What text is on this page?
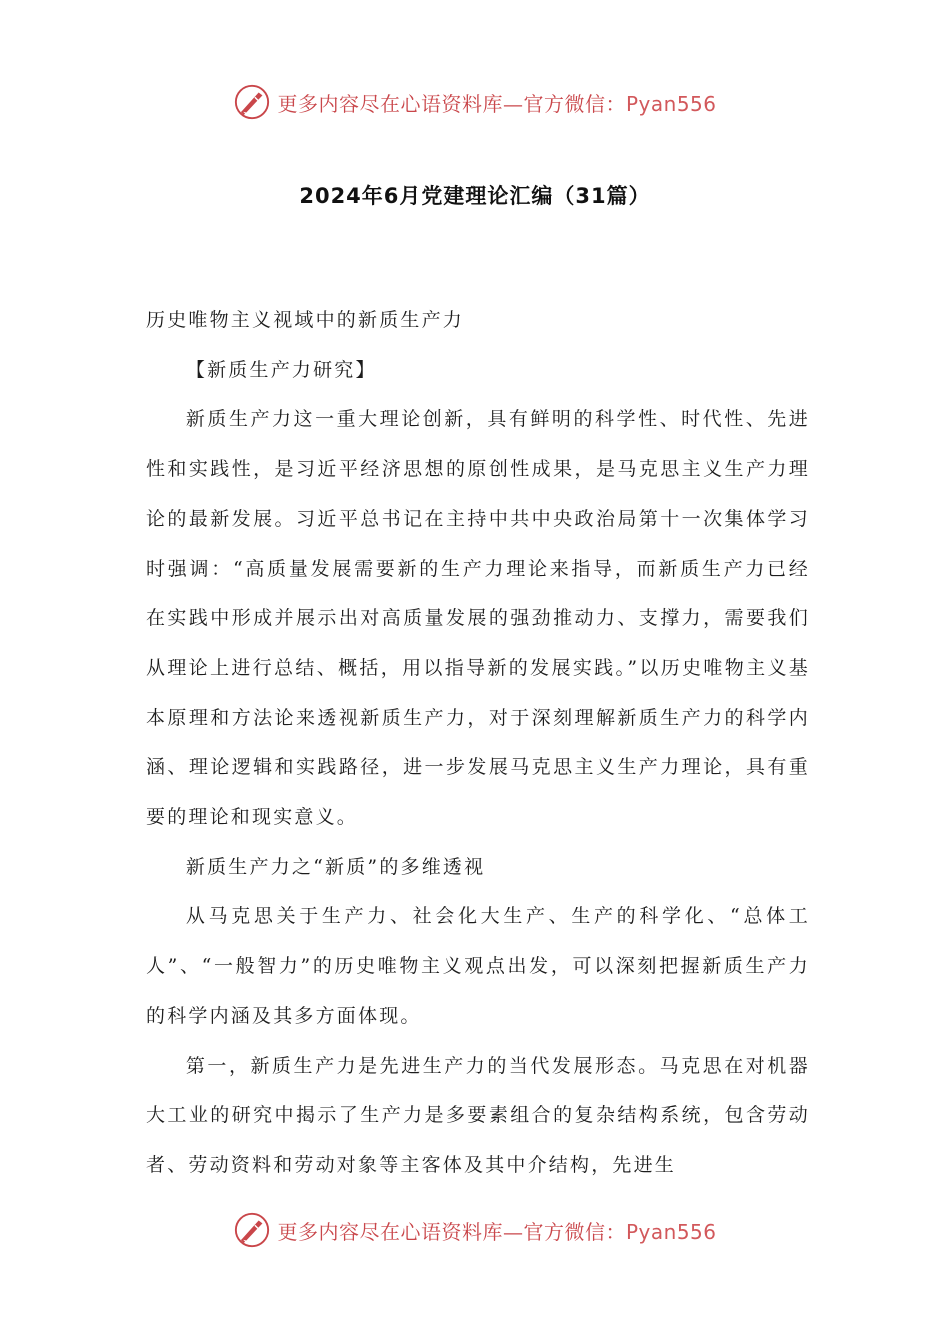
更多内容尽在心语资料库—官方微信：Pyan556
2024年6月党建理论汇编（31篇）

历史唯物主义视域中的新质生产力

【新质生产力研究】

新质生产力这一重大理论创新，具有鲜明的科学性、时代性、先进性和实践性，是习近平经济思想的原创性成果，是马克思主义生产力理论的最新发展。习近平总书记在主持中共中央政治局第十一次集体学习时强调：“高质量发展需要新的生产力理论来指导，而新质生产力已经在实践中形成并展示出对高质量发展的强劲推动力、支撑力，需要我们从理论上进行总结、概括，用以指导新的发展实践。”以历史唯物主义基本原理和方法论来透视新质生产力，对于深刻理解新质生产力的科学内涵、理论逻辑和实践路径，进一步发展马克思主义生产力理论，具有重要的理论和现实意义。

新质生产力之“新质”的多维透视

从马克思关于生产力、社会化大生产、生产的科学化、“总体工人”、“一般智力”的历史唯物主义观点出发，可以深刻把握新质生产力的科学内涵及其多方面体现。

第一，新质生产力是先进生产力的当代发展形态。马克思在对机器大工业的研究中揭示了生产力是多要素组合的复杂结构系统，包含劳动者、劳动资料和劳动对象等主客体及其中介结构，先进生

更多内容尽在心语资料库—官方微信：Pyan556
